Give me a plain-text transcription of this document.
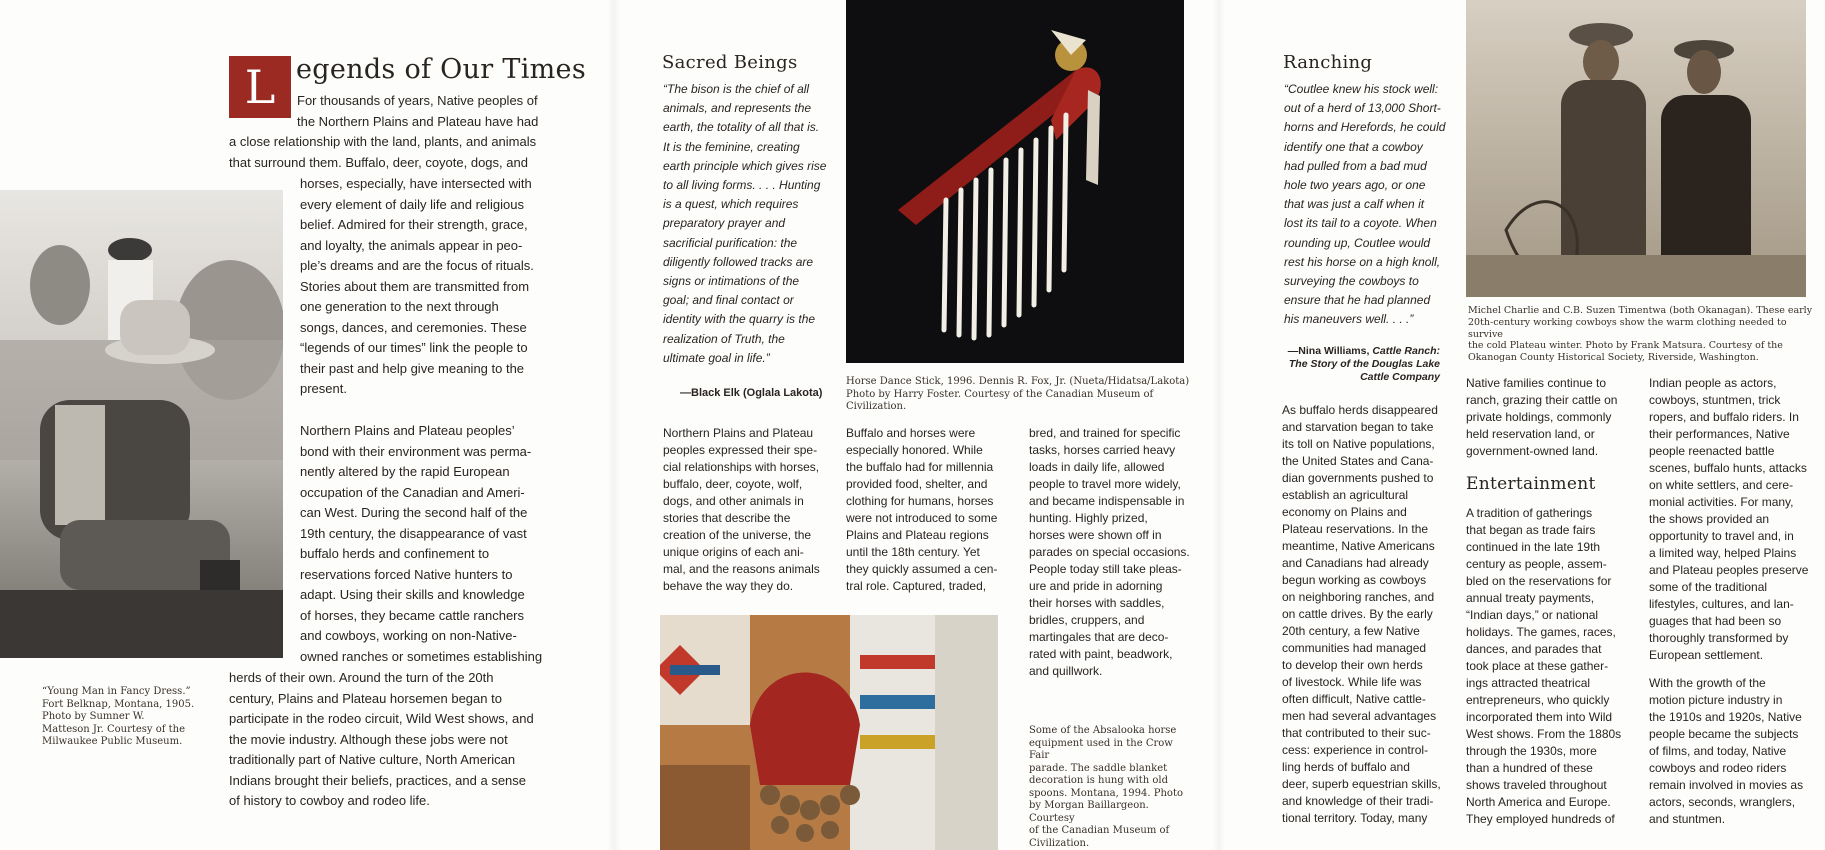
L egends of Our Times

For thousands of years, Native peoples of
the Northern Plains and Plateau have had

a close relationship with the land, plants, and animals
that surround them. Buffalo, deer, coyote, dogs, and

horses, especially, have intersected with
every element of daily life and religious
belief. Admired for their strength, grace,
and loyalty, the animals appear in peo-
ple’s dreams and are the focus of rituals.
Stories about them are transmitted from
one generation to the next through
songs, dances, and ceremonies. These
“legends of our times” link the people to
their past and help give meaning to the
present.

Northern Plains and Plateau peoples’
bond with their environment was perma-
nently altered by the rapid European
occupation of the Canadian and Ameri-
can West. During the second half of the
19th century, the disappearance of vast
buffalo herds and confinement to
reservations forced Native hunters to
adapt. Using their skills and knowledge
of horses, they became cattle ranchers
and cowboys, working on non-Native-
owned ranches or sometimes establishing

herds of their own. Around the turn of the 20th
century, Plains and Plateau horsemen began to
participate in the rodeo circuit, Wild West shows, and
the movie industry. Although these jobs were not
traditionally part of Native culture, North American
Indians brought their beliefs, practices, and a sense
of history to cowboy and rodeo life.

“Young Man in Fancy Dress.”
Fort Belknap, Montana, 1905.
Photo by Sumner W.
Matteson Jr. Courtesy of the
Milwaukee Public Museum.

Sacred Beings

“The bison is the chief of all
animals, and represents the
earth, the totality of all that is.
It is the feminine, creating
earth principle which gives rise
to all living forms. . . . Hunting
is a quest, which requires
preparatory prayer and
sacrificial purification: the
diligently followed tracks are
signs or intimations of the
goal; and final contact or
identity with the quarry is the
realization of Truth, the
ultimate goal in life.”

—Black Elk (Oglala Lakota)

Horse Dance Stick, 1996. Dennis R. Fox, Jr. (Nueta/Hidatsa/Lakota)
Photo by Harry Foster. Courtesy of the Canadian Museum of Civilization.

Northern Plains and Plateau
peoples expressed their spe-
cial relationships with horses,
buffalo, deer, coyote, wolf,
dogs, and other animals in
stories that describe the
creation of the universe, the
unique origins of each ani-
mal, and the reasons animals
behave the way they do.

Buffalo and horses were
especially honored. While
the buffalo had for millennia
provided food, shelter, and
clothing for humans, horses
were not introduced to some
Plains and Plateau regions
until the 18th century. Yet
they quickly assumed a cen-
tral role. Captured, traded,

bred, and trained for specific
tasks, horses carried heavy
loads in daily life, allowed
people to travel more widely,
and became indispensable in
hunting. Highly prized,
horses were shown off in
parades on special occasions.
People today still take pleas-
ure and pride in adorning
their horses with saddles,
bridles, cruppers, and
martingales that are deco-
rated with paint, beadwork,
and quillwork.

Some of the Absalooka horse
equipment used in the Crow Fair
parade. The saddle blanket
decoration is hung with old
spoons. Montana, 1994. Photo
by Morgan Baillargeon. Courtesy
of the Canadian Museum of
Civilization.

Ranching

“Coutlee knew his stock well:
out of a herd of 13,000 Short-
horns and Herefords, he could
identify one that a cowboy
had pulled from a bad mud
hole two years ago, or one
that was just a calf when it
lost its tail to a coyote. When
rounding up, Coutlee would
rest his horse on a high knoll,
surveying the cowboys to
ensure that he had planned
his maneuvers well. . . .”

—Nina Williams, Cattle Ranch:
The Story of the Douglas Lake
Cattle Company

As buffalo herds disappeared
and starvation began to take
its toll on Native populations,
the United States and Cana-
dian governments pushed to
establish an agricultural
economy on Plains and
Plateau reservations. In the
meantime, Native Americans
and Canadians had already
begun working as cowboys
on neighboring ranches, and
on cattle drives. By the early
20th century, a few Native
communities had managed
to develop their own herds
of livestock. While life was
often difficult, Native cattle-
men had several advantages
that contributed to their suc-
cess: experience in control-
ling herds of buffalo and
deer, superb equestrian skills,
and knowledge of their tradi-
tional territory. Today, many

Michel Charlie and C.B. Suzen Timentwa (both Okanagan). These early
20th-century working cowboys show the warm clothing needed to survive
the cold Plateau winter. Photo by Frank Matsura. Courtesy of the
Okanogan County Historical Society, Riverside, Washington.

Native families continue to
ranch, grazing their cattle on
private holdings, commonly
held reservation land, or
government-owned land.

Entertainment

A tradition of gatherings
that began as trade fairs
continued in the late 19th
century as people, assem-
bled on the reservations for
annual treaty payments,
“Indian days,” or national
holidays. The games, races,
dances, and parades that
took place at these gather-
ings attracted theatrical
entrepreneurs, who quickly
incorporated them into Wild
West shows. From the 1880s
through the 1930s, more
than a hundred of these
shows traveled throughout
North America and Europe.
They employed hundreds of

Indian people as actors,
cowboys, stuntmen, trick
ropers, and buffalo riders. In
their performances, Native
people reenacted battle
scenes, buffalo hunts, attacks
on white settlers, and cere-
monial activities. For many,
the shows provided an
opportunity to travel and, in
a limited way, helped Plains
and Plateau peoples preserve
some of the traditional
lifestyles, cultures, and lan-
guages that had been so
thoroughly transformed by
European settlement.

With the growth of the
motion picture industry in
the 1910s and 1920s, Native
people became the subjects
of films, and today, Native
cowboys and rodeo riders
remain involved in movies as
actors, seconds, wranglers,
and stuntmen.
